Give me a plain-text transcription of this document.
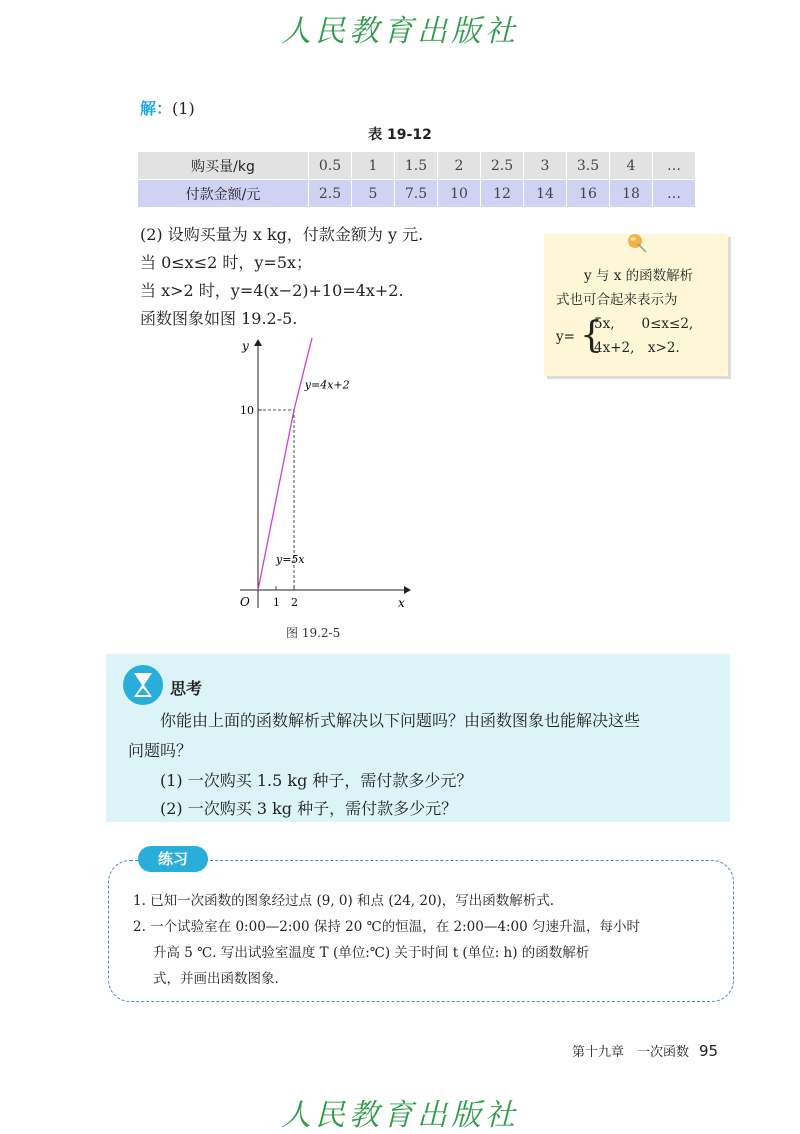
人民教育出版社
人民教育出版社
解：(1)
表 19-12
购买量/kg	0.5	1	1.5	2	2.5	3	3.5	4	…
付款金额/元	2.5	5	7.5	10	12	14	16	18	…
(2) 设购买量为 x kg，付款金额为 y 元.
当 0≤x≤2 时，y=5x；
当 x>2 时，y=4(x−2)+10=4x+2.
函数图象如图 19.2-5.
y 与 x 的函数解析
式也可合起来表示为
y= {
5x,　　0≤x≤2,
4x+2,　x>2.
y=5x
y=4x+2
1 2
10
O	x
y
图 19.2-5
思考
你能由上面的函数解析式解决以下问题吗？由函数图象也能解决这些
问题吗？
(1) 一次购买 1.5 kg 种子，需付款多少元？
(2) 一次购买 3 kg 种子，需付款多少元？
1. 已知一次函数的图象经过点 (9, 0) 和点 (24, 20)，写出函数解析式.
2. 一个试验室在 0:00—2:00 保持 20 ℃的恒温，在 2:00—4:00 匀速升温，每小时
升高 5 ℃. 写出试验室温度 T (单位:℃) 关于时间 t (单位: h) 的函数解析
式，并画出函数图象.
练习
第十九章　一次函数 95
